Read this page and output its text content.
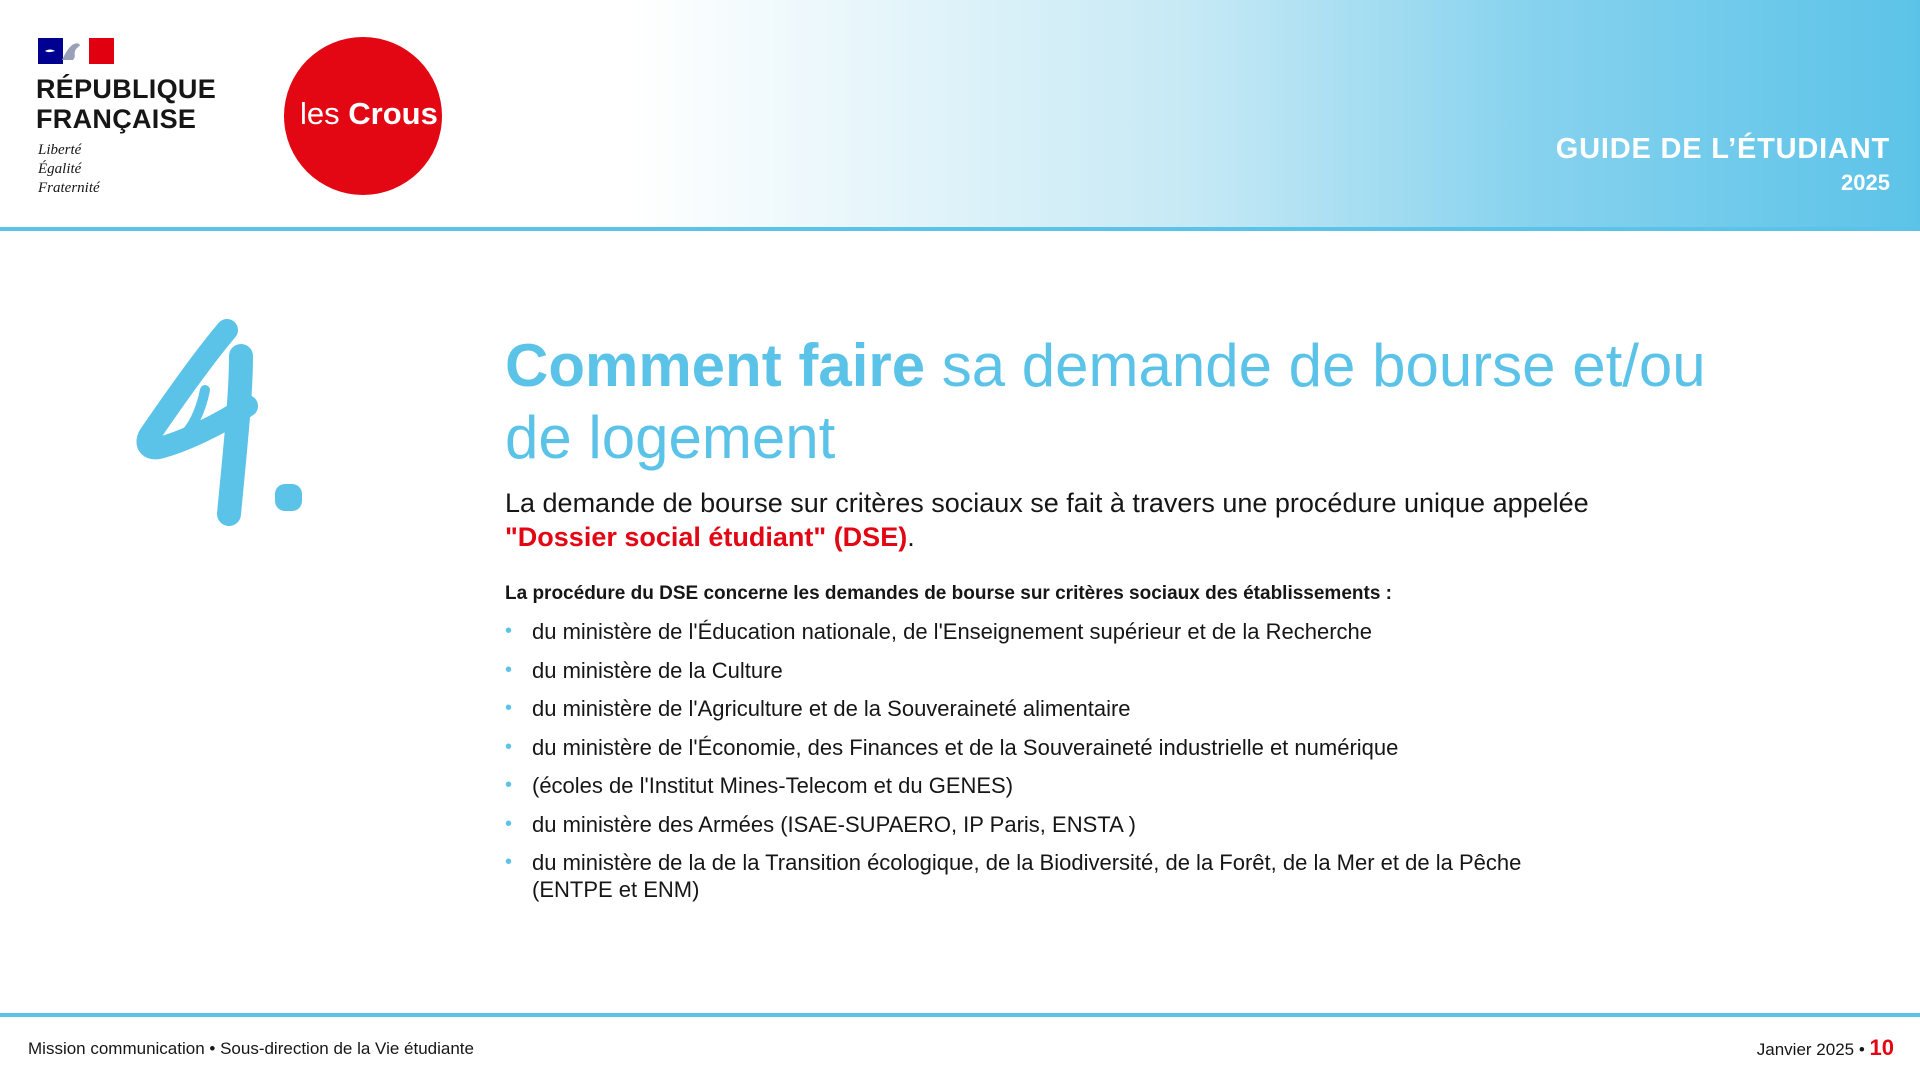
RÉPUBLIQUE
FRANÇAISE
Liberté
Égalité
Fraternité
les Crous
GUIDE DE L’ÉTUDIANT
2025
Comment faire sa demande de bourse et/ou de logement

La demande de bourse sur critères sociaux se fait à travers une procédure unique appelée "Dossier social étudiant" (DSE).

La procédure du DSE concerne les demandes de bourse sur critères sociaux des établissements :

• du ministère de l'Éducation nationale, de l'Enseignement supérieur et de la Recherche
• du ministère de la Culture
• du ministère de l'Agriculture et de la Souveraineté alimentaire
• du ministère de l'Économie, des Finances et de la Souveraineté industrielle et numérique
• (écoles de l'Institut Mines-Telecom et du GENES)
• du ministère des Armées (ISAE-SUPAERO, IP Paris, ENSTA )
• du ministère de la de la Transition écologique, de la Biodiversité, de la Forêt, de la Mer et de la Pêche (ENTPE et ENM)
Mission communication • Sous-direction de la Vie étudiante	Janvier 2025 • 10
